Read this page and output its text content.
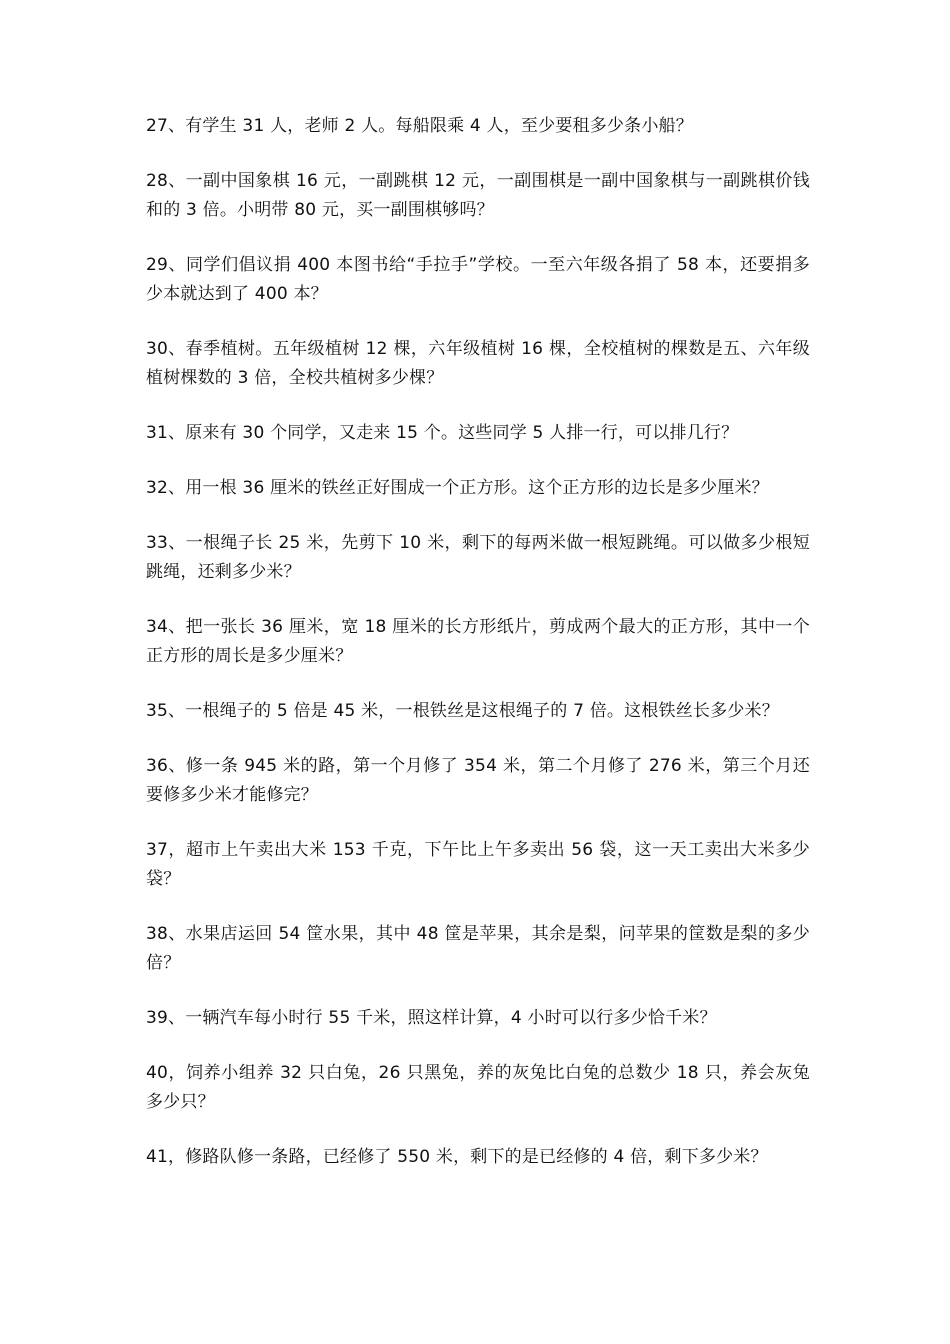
27、有学生 31 人，老师 2 人。每船限乘 4 人，至少要租多少条小船？
28、一副中国象棋 16 元，一副跳棋 12 元，一副围棋是一副中国象棋与一副跳棋价钱和的 3 倍。小明带 80 元，买一副围棋够吗？
29、同学们倡议捐 400 本图书给“手拉手”学校。一至六年级各捐了 58 本，还要捐多少本就达到了 400 本？
30、春季植树。五年级植树 12 棵，六年级植树 16 棵，全校植树的棵数是五、六年级植树棵数的 3 倍，全校共植树多少棵？
31、原来有 30 个同学，又走来 15 个。这些同学 5 人排一行，可以排几行？
32、用一根 36 厘米的铁丝正好围成一个正方形。这个正方形的边长是多少厘米？
33、一根绳子长 25 米，先剪下 10 米，剩下的每两米做一根短跳绳。可以做多少根短跳绳，还剩多少米？
34、把一张长 36 厘米，宽 18 厘米的长方形纸片，剪成两个最大的正方形，其中一个正方形的周长是多少厘米？
35、一根绳子的 5 倍是 45 米，一根铁丝是这根绳子的 7 倍。这根铁丝长多少米？
36、修一条 945 米的路，第一个月修了 354 米，第二个月修了 276 米，第三个月还要修多少米才能修完？
37，超市上午卖出大米 153 千克，下午比上午多卖出 56 袋，这一天工卖出大米多少袋？
38、水果店运回 54 筐水果，其中 48 筐是苹果，其余是梨，问苹果的筐数是梨的多少倍？
39、一辆汽车每小时行 55 千米，照这样计算，4 小时可以行多少恰千米？
40，饲养小组养 32 只白兔，26 只黑兔，养的灰兔比白兔的总数少 18 只，养会灰兔多少只？
41，修路队修一条路，已经修了 550 米，剩下的是已经修的 4 倍，剩下多少米？
